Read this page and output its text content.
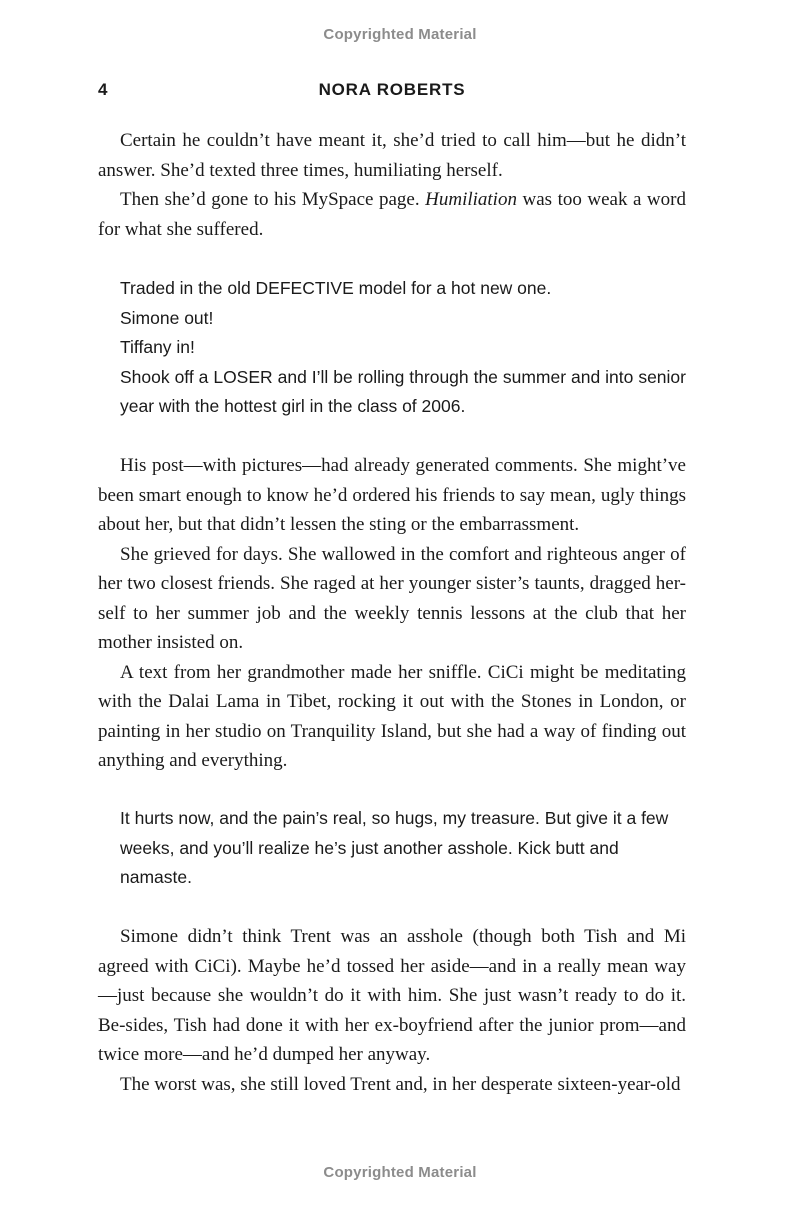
Copyrighted Material
4	NORA ROBERTS

Certain he couldn’t have meant it, she’d tried to call him—but he didn’t answer. She’d texted three times, humiliating herself.

Then she’d gone to his MySpace page. Humiliation was too weak a word for what she suffered.

Traded in the old DEFECTIVE model for a hot new one.

Simone out!

Tiffany in!

Shook off a LOSER and I’ll be rolling through the summer and into senior year with the hottest girl in the class of 2006.

His post—with pictures—had already generated comments. She might’ve been smart enough to know he’d ordered his friends to say mean, ugly things about her, but that didn’t lessen the sting or the embarrassment.

She grieved for days. She wallowed in the comfort and righteous anger of her two closest friends. She raged at her younger sister’s taunts, dragged her-self to her summer job and the weekly tennis lessons at the club that her mother insisted on.

A text from her grandmother made her sniffle. CiCi might be meditating with the Dalai Lama in Tibet, rocking it out with the Stones in London, or painting in her studio on Tranquility Island, but she had a way of finding out anything and everything.

It hurts now, and the pain’s real, so hugs, my treasure. But give it a few weeks, and you’ll realize he’s just another asshole. Kick butt and namaste.

Simone didn’t think Trent was an asshole (though both Tish and Mi agreed with CiCi). Maybe he’d tossed her aside—and in a really mean way—just because she wouldn’t do it with him. She just wasn’t ready to do it. Be-sides, Tish had done it with her ex-boyfriend after the junior prom—and twice more—and he’d dumped her anyway.

The worst was, she still loved Trent and, in her desperate sixteen-year-old

Copyrighted Material
